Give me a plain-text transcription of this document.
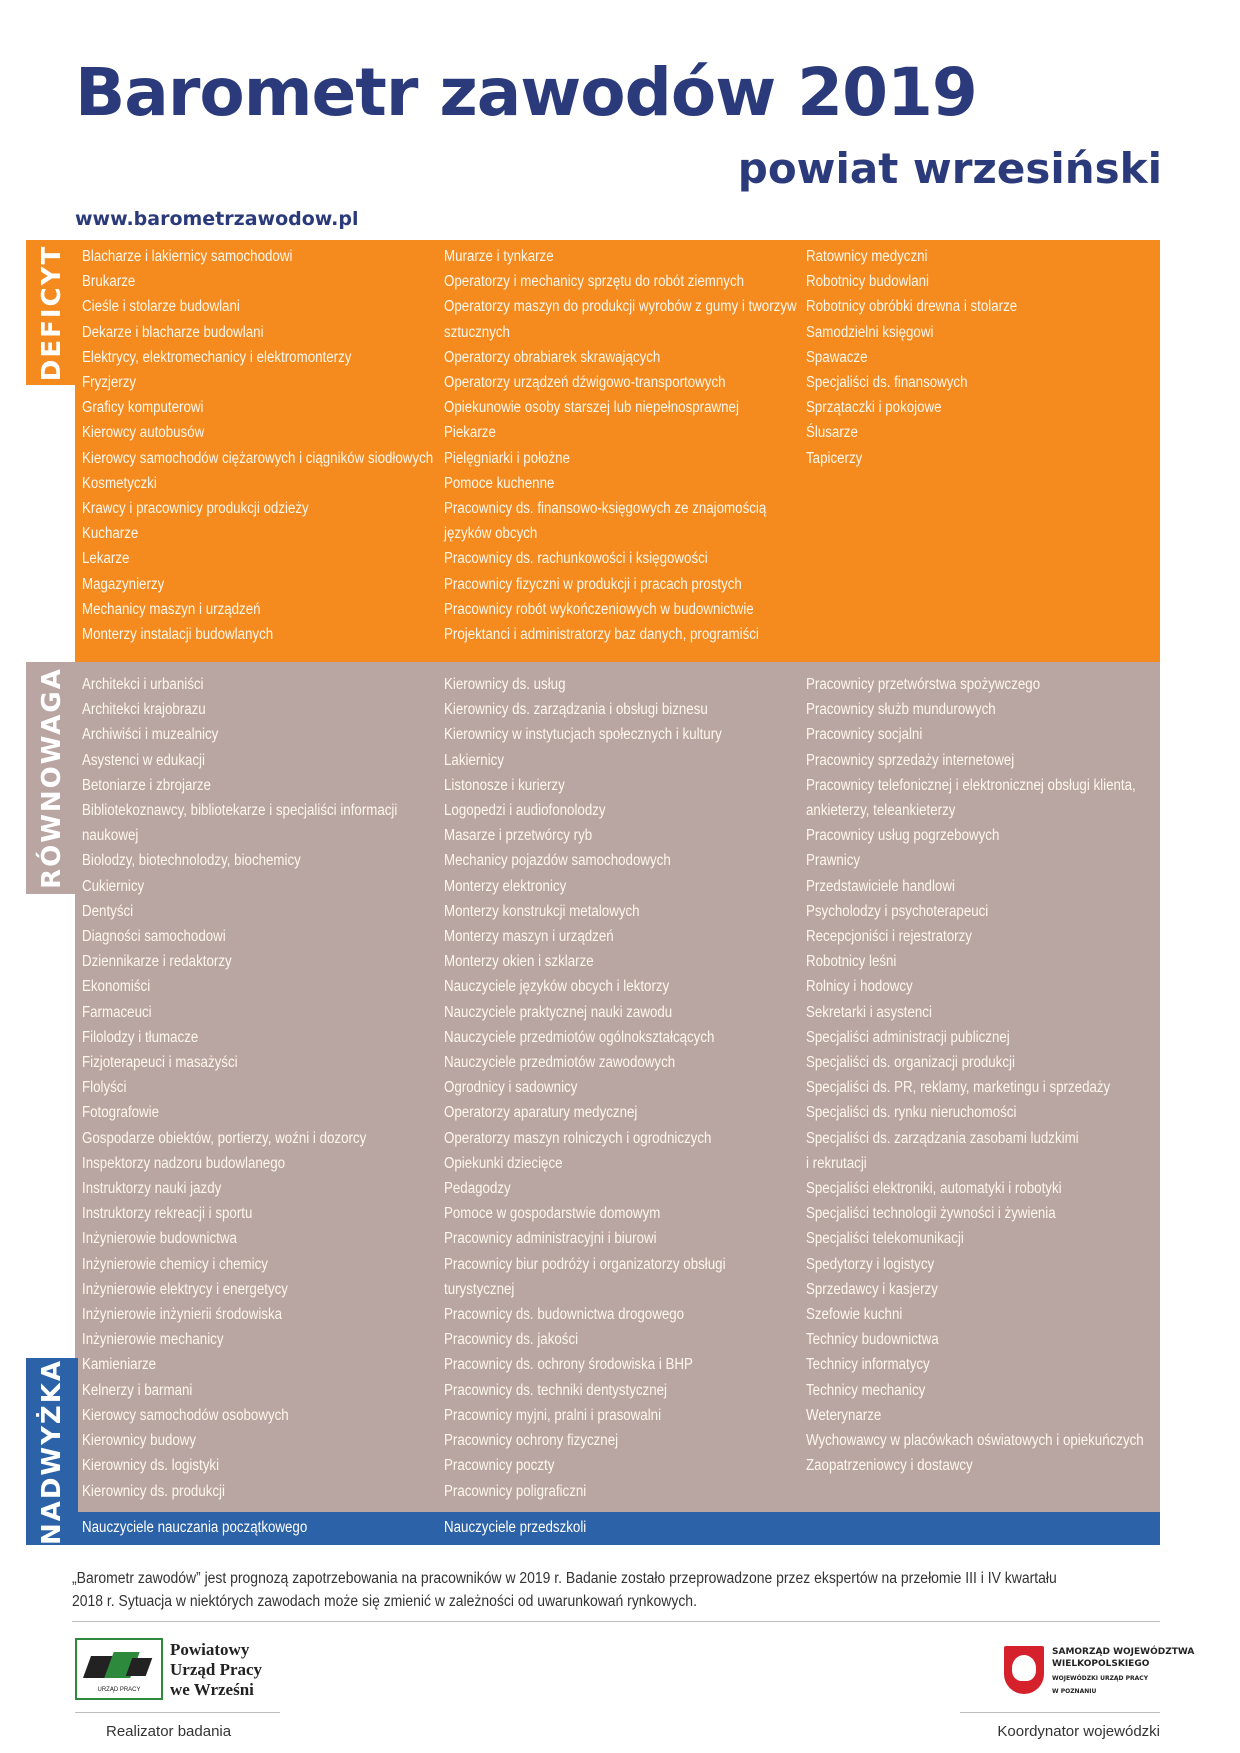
Barometr zawodów 2019
powiat wrzesiński
www.barometrzawodow.pl
DEFICYT
RÓWNOWAGA
NADWYŻKA
Blacharze i lakiernicy samochodowi
Brukarze
Cieśle i stolarze budowlani
Dekarze i blacharze budowlani
Elektrycy, elektromechanicy i elektromonterzy
Fryzjerzy
Graficy komputerowi
Kierowcy autobusów
Kierowcy samochodów ciężarowych i ciągników siodłowych
Kosmetyczki
Krawcy i pracownicy produkcji odzieży
Kucharze
Lekarze
Magazynierzy
Mechanicy maszyn i urządzeń
Monterzy instalacji budowlanych
Murarze i tynkarze
Operatorzy i mechanicy sprzętu do robót ziemnych
Operatorzy maszyn do produkcji wyrobów z gumy i tworzyw
sztucznych
Operatorzy obrabiarek skrawających
Operatorzy urządzeń dźwigowo-transportowych
Opiekunowie osoby starszej lub niepełnosprawnej
Piekarze
Pielęgniarki i położne
Pomoce kuchenne
Pracownicy ds. finansowo-księgowych ze znajomością
języków obcych
Pracownicy ds. rachunkowości i księgowości
Pracownicy fizyczni w produkcji i pracach prostych
Pracownicy robót wykończeniowych w budownictwie
Projektanci i administratorzy baz danych, programiści
Ratownicy medyczni
Robotnicy budowlani
Robotnicy obróbki drewna i stolarze
Samodzielni księgowi
Spawacze
Specjaliści ds. finansowych
Sprzątaczki i pokojowe
Ślusarze
Tapicerzy
Architekci i urbaniści
Architekci krajobrazu
Archiwiści i muzealnicy
Asystenci w edukacji
Betoniarze i zbrojarze
Bibliotekoznawcy, bibliotekarze i specjaliści informacji
naukowej
Biolodzy, biotechnolodzy, biochemicy
Cukiernicy
Dentyści
Diagności samochodowi
Dziennikarze i redaktorzy
Ekonomiści
Farmaceuci
Filolodzy i tłumacze
Fizjoterapeuci i masażyści
Flolyści
Fotografowie
Gospodarze obiektów, portierzy, woźni i dozorcy
Inspektorzy nadzoru budowlanego
Instruktorzy nauki jazdy
Instruktorzy rekreacji i sportu
Inżynierowie budownictwa
Inżynierowie chemicy i chemicy
Inżynierowie elektrycy i energetycy
Inżynierowie inżynierii środowiska
Inżynierowie mechanicy
Kamieniarze
Kelnerzy i barmani
Kierowcy samochodów osobowych
Kierownicy budowy
Kierownicy ds. logistyki
Kierownicy ds. produkcji
Kierownicy ds. usług
Kierownicy ds. zarządzania i obsługi biznesu
Kierownicy w instytucjach społecznych i kultury
Lakiernicy
Listonosze i kurierzy
Logopedzi i audiofonolodzy
Masarze i przetwórcy ryb
Mechanicy pojazdów samochodowych
Monterzy elektronicy
Monterzy konstrukcji metalowych
Monterzy maszyn i urządzeń
Monterzy okien i szklarze
Nauczyciele języków obcych i lektorzy
Nauczyciele praktycznej nauki zawodu
Nauczyciele przedmiotów ogólnokształcących
Nauczyciele przedmiotów zawodowych
Ogrodnicy i sadownicy
Operatorzy aparatury medycznej
Operatorzy maszyn rolniczych i ogrodniczych
Opiekunki dziecięce
Pedagodzy
Pomoce w gospodarstwie domowym
Pracownicy administracyjni i biurowi
Pracownicy biur podróży i organizatorzy obsługi
turystycznej
Pracownicy ds. budownictwa drogowego
Pracownicy ds. jakości
Pracownicy ds. ochrony środowiska i BHP
Pracownicy ds. techniki dentystycznej
Pracownicy myjni, pralni i prasowalni
Pracownicy ochrony fizycznej
Pracownicy poczty
Pracownicy poligraficzni
Pracownicy przetwórstwa spożywczego
Pracownicy służb mundurowych
Pracownicy socjalni
Pracownicy sprzedaży internetowej
Pracownicy telefonicznej i elektronicznej obsługi klienta,
ankieterzy, teleankieterzy
Pracownicy usług pogrzebowych
Prawnicy
Przedstawiciele handlowi
Psycholodzy i psychoterapeuci
Recepcjoniści i rejestratorzy
Robotnicy leśni
Rolnicy i hodowcy
Sekretarki i asystenci
Specjaliści administracji publicznej
Specjaliści ds. organizacji produkcji
Specjaliści ds. PR, reklamy, marketingu i sprzedaży
Specjaliści ds. rynku nieruchomości
Specjaliści ds. zarządzania zasobami ludzkimi
i rekrutacji
Specjaliści elektroniki, automatyki i robotyki
Specjaliści technologii żywności i żywienia
Specjaliści telekomunikacji
Spedytorzy i logistycy
Sprzedawcy i kasjerzy
Szefowie kuchni
Technicy budownictwa
Technicy informatycy
Technicy mechanicy
Weterynarze
Wychowawcy w placówkach oświatowych i opiekuńczych
Zaopatrzeniowcy i dostawcy
Nauczyciele nauczania początkowego	Nauczyciele przedszkoli

„Barometr zawodów” jest prognozą zapotrzebowania na pracowników w 2019 r. Badanie zostało przeprowadzone przez ekspertów na przełomie III i IV kwartału 2018 r. Sytuacja w niektórych zawodach może się zmienić w zależności od uwarunkowań rynkowych.

URZĄD PRACY
Powiatowy
Urząd Pracy
we Wrześni
SAMORZĄD WOJEWÓDZTWA
WIELKOPOLSKIEGO
WOJEWÓDZKI URZĄD PRACY
W POZNANIU
Realizator badania	Koordynator wojewódzki
